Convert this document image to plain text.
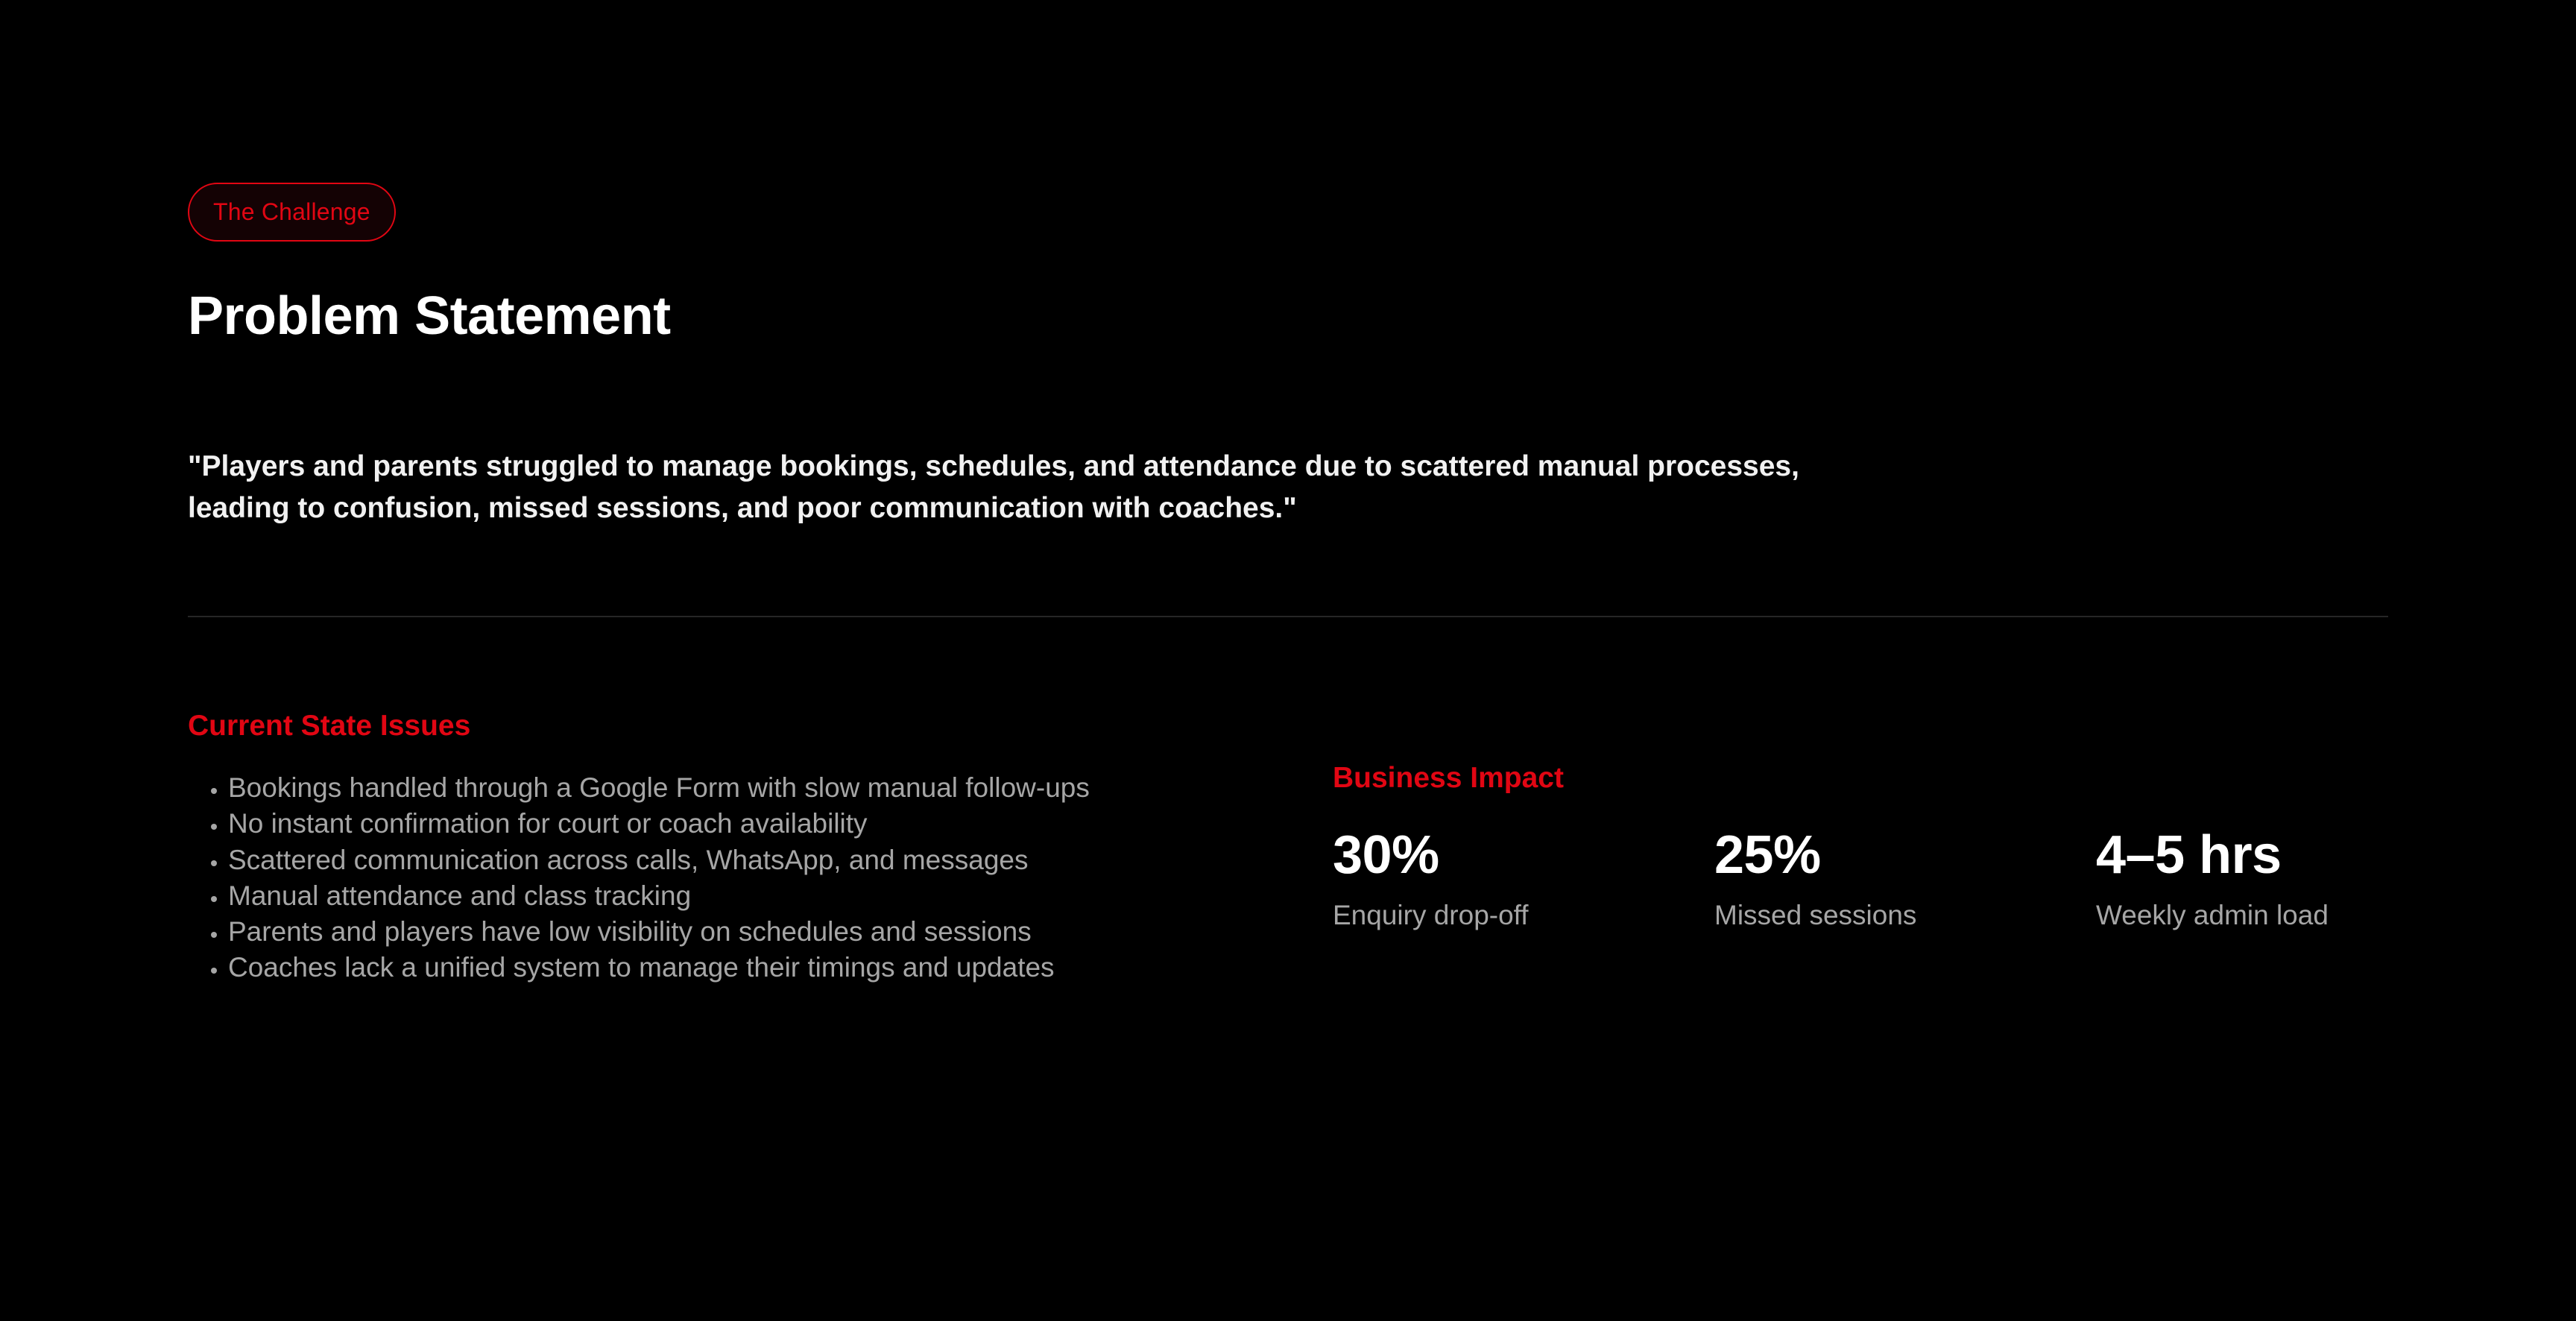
The Challenge
Problem Statement

"Players and parents struggled to manage bookings, schedules, and attendance due to scattered manual processes, leading to confusion, missed sessions, and poor communication with coaches."

Current State Issues
• Bookings handled through a Google Form with slow manual follow-ups
• No instant confirmation for court or coach availability
• Scattered communication across calls, WhatsApp, and messages
• Manual attendance and class tracking
• Parents and players have low visibility on schedules and sessions
• Coaches lack a unified system to manage their timings and updates
Business Impact
30%
Enquiry drop-off
25%
Missed sessions
4–5 hrs
Weekly admin load
